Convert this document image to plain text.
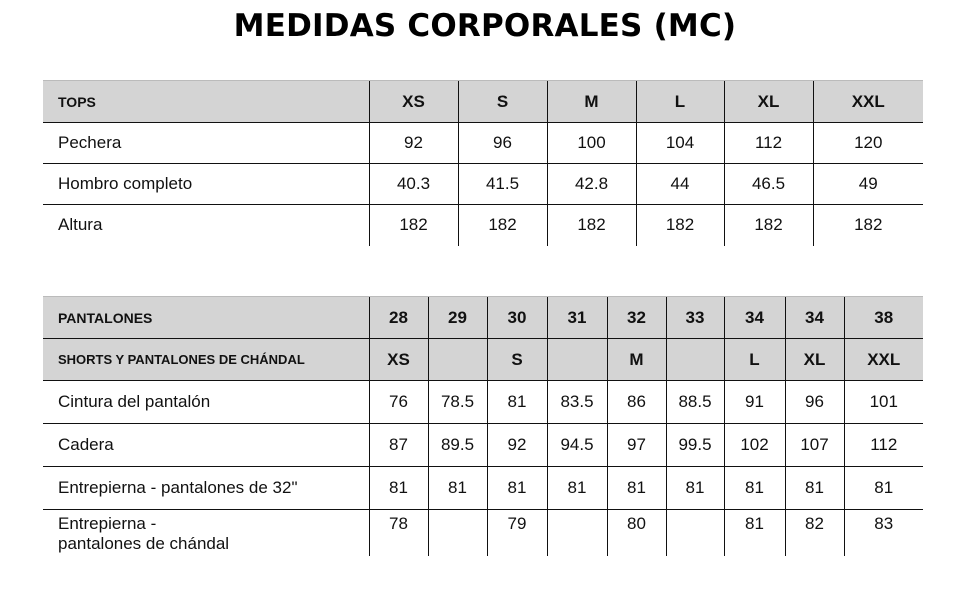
MEDIDAS CORPORALES (MC)
TOPS	XS	S	M	L	XL	XXL
Pechera	92	96	100	104	112	120
Hombro completo	40.3	41.5	42.8	44	46.5	49
Altura	182	182	182	182	182	182
PANTALONES	28	29	30	31	32	33	34	34	38
SHORTS Y PANTALONES DE CHÁNDAL	XS		S		M		L	XL	XXL
Cintura del pantalón	76	78.5	81	83.5	86	88.5	91	96	101
Cadera	87	89.5	92	94.5	97	99.5	102	107	112
Entrepierna - pantalones de 32"	81	81	81	81	81	81	81	81	81
Entrepierna -
pantalones de chándal	78		79		80		81	82	83
